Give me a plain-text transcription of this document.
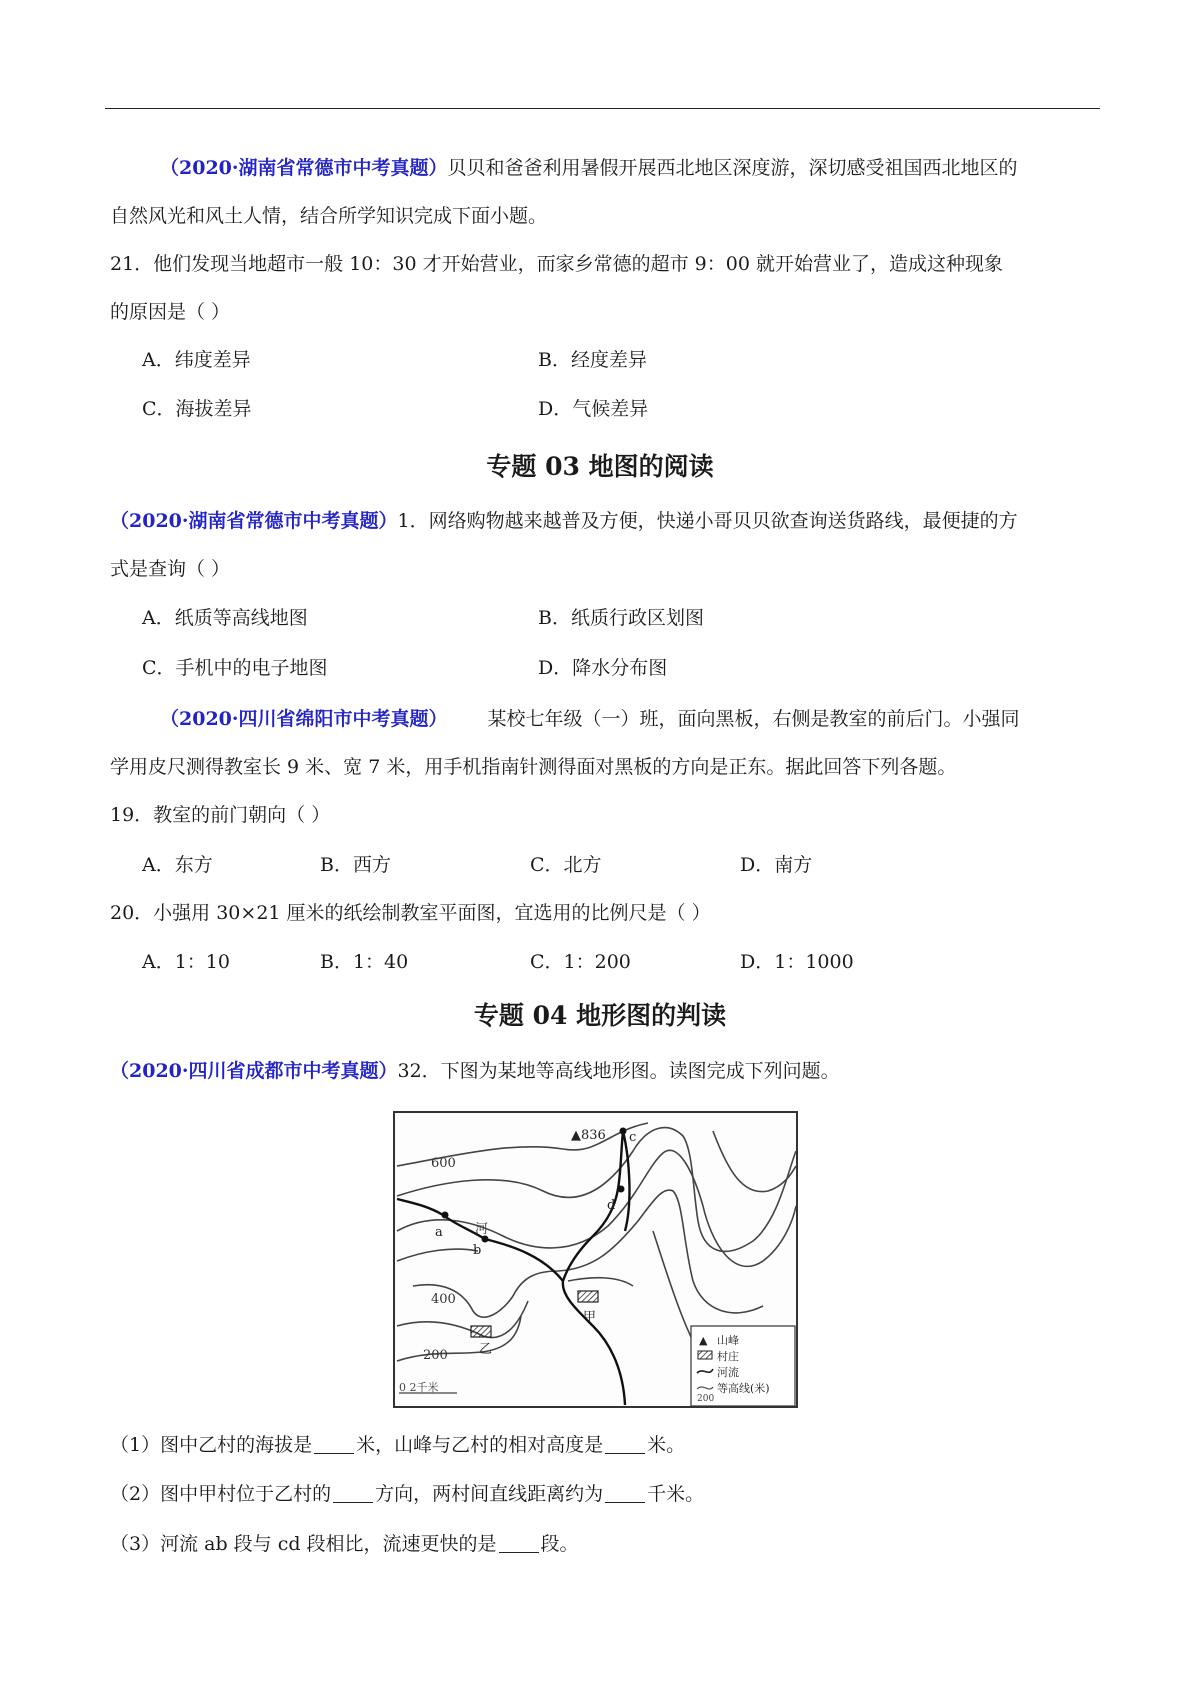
（2020·湖南省常德市中考真题）贝贝和爸爸利用暑假开展西北地区深度游，深切感受祖国西北地区的
自然风光和风土人情，结合所学知识完成下面小题。
21．他们发现当地超市一般 10：30 才开始营业，而家乡常德的超市 9：00 就开始营业了，造成这种现象
的原因是（ ）
A．纬度差异	B．经度差异
C．海拔差异	D．气候差异
专题 03 地图的阅读
（2020·湖南省常德市中考真题）1．网络购物越来越普及方便，快递小哥贝贝欲查询送货路线，最便捷的方
式是查询（ ）
A．纸质等高线地图	B．纸质行政区划图
C．手机中的电子地图	D．降水分布图
（2020·四川省绵阳市中考真题） 某校七年级（一）班，面向黑板，右侧是教室的前后门。小强同
学用皮尺测得教室长 9 米、宽 7 米，用手机指南针测得面对黑板的方向是正东。据此回答下列各题。
19．教室的前门朝向（ ）
A．东方	B．西方	C．北方	D．南方
20．小强用 30×21 厘米的纸绘制教室平面图，宜选用的比例尺是（ ）
A．1：10	B．1：40	C．1：200	D．1：1000
专题 04 地形图的判读
（2020·四川省成都市中考真题）32．下图为某地等高线地形图。读图完成下列问题。
▲836
600
400
200
a
b
c
d
河
甲
乙
0 2千米
▲ 山峰
村庄
河流
200
等高线(米)
（1）图中乙村的海拔是 米，山峰与乙村的相对高度是 米。
（2）图中甲村位于乙村的 方向，两村间直线距离约为 千米。
（3）河流 ab 段与 cd 段相比，流速更快的是 段。
